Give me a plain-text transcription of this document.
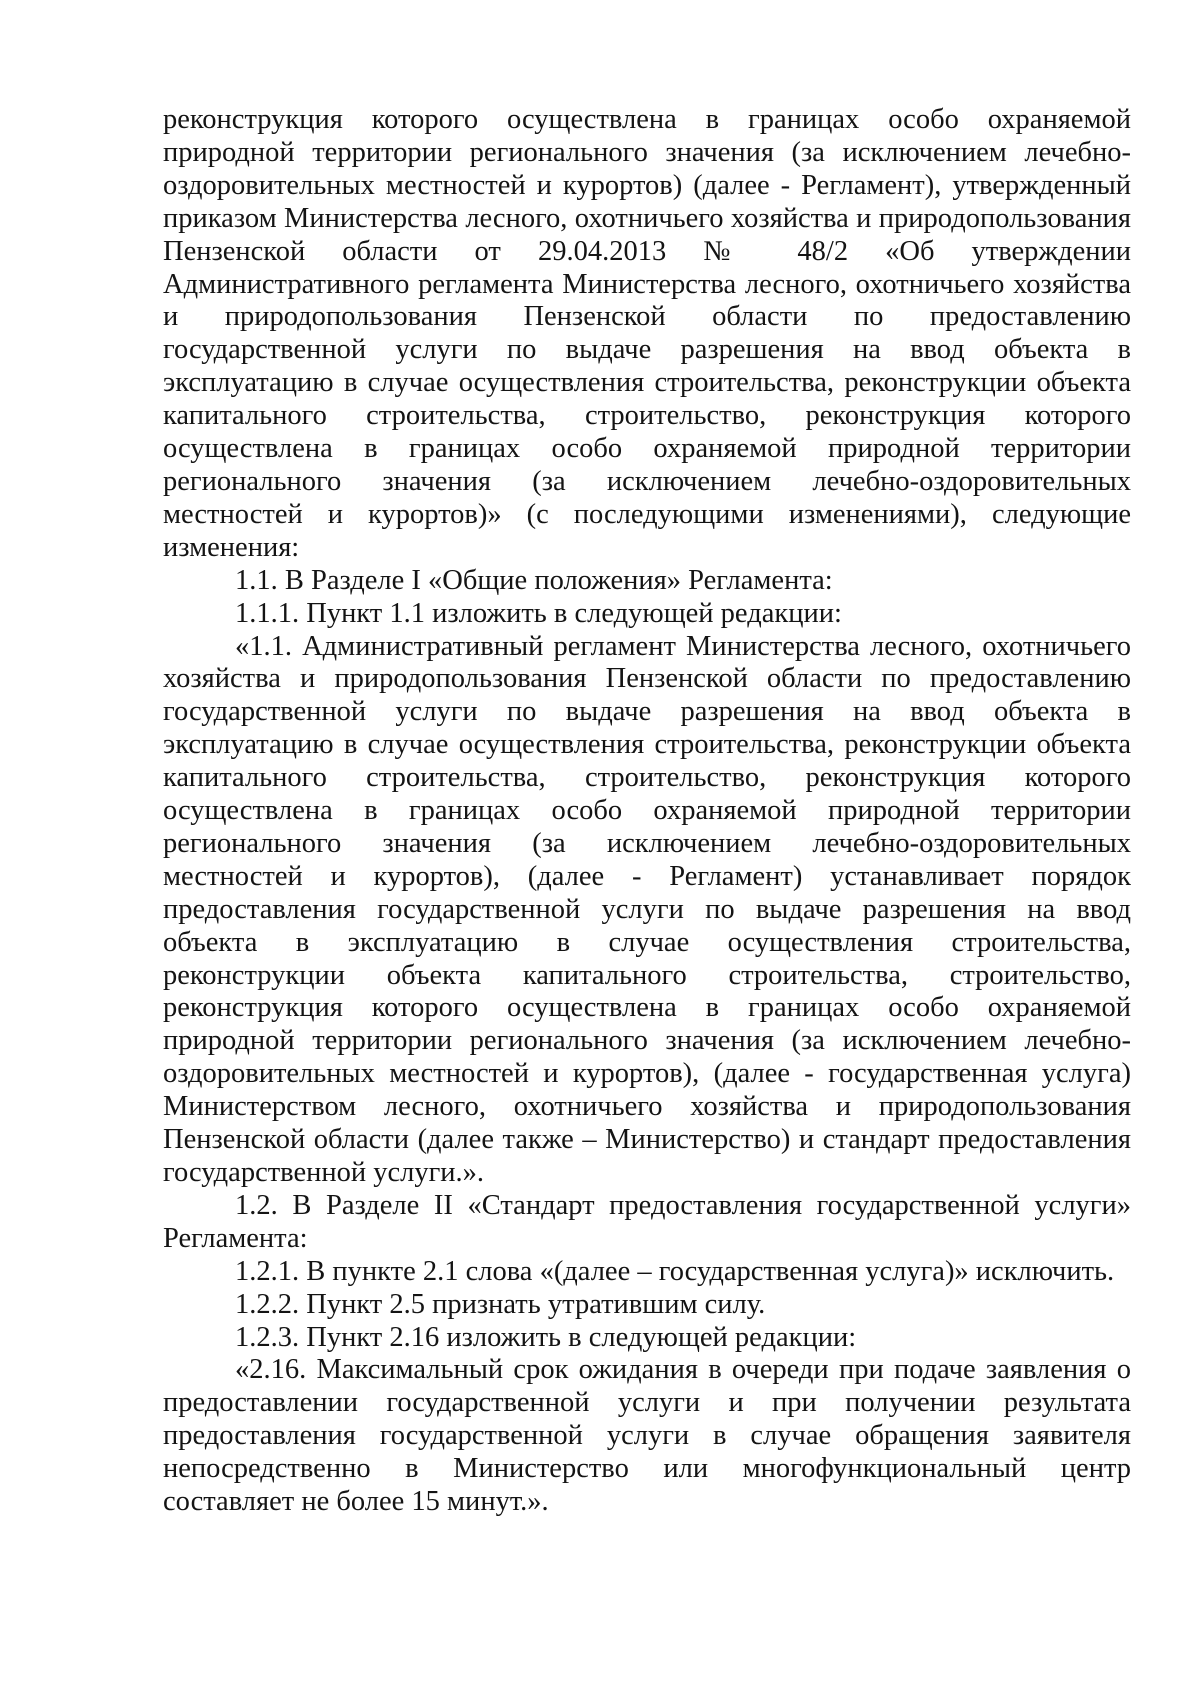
реконструкция которого осуществлена в границах особо охраняемой природной территории регионального значения (за исключением лечебно-оздоровительных местностей и курортов) (далее - Регламент), утвержденный приказом Министерства лесного, охотничьего хозяйства и природопользования Пензенской области от 29.04.2013 № 48/2 «Об утверждении Административного регламента Министерства лесного, охотничьего хозяйства и природопользования Пензенской области по предоставлению государственной услуги по выдаче разрешения на ввод объекта в эксплуатацию в случае осуществления строительства, реконструкции объекта капитального строительства, строительство, реконструкция которого осуществлена в границах особо охраняемой природной территории регионального значения (за исключением лечебно-оздоровительных местностей и курортов)» (с последующими изменениями), следующие изменения:

1.1. В Разделе I «Общие положения» Регламента:

1.1.1. Пункт 1.1 изложить в следующей редакции:

«1.1. Административный регламент Министерства лесного, охотничьего хозяйства и природопользования Пензенской области по предоставлению государственной услуги по выдаче разрешения на ввод объекта в эксплуатацию в случае осуществления строительства, реконструкции объекта капитального строительства, строительство, реконструкция которого осуществлена в границах особо охраняемой природной территории регионального значения (за исключением лечебно-оздоровительных местностей и курортов), (далее - Регламент) устанавливает порядок предоставления государственной услуги по выдаче разрешения на ввод объекта в эксплуатацию в случае осуществления строительства, реконструкции объекта капитального строительства, строительство, реконструкция которого осуществлена в границах особо охраняемой природной территории регионального значения (за исключением лечебно-оздоровительных местностей и курортов), (далее - государственная услуга) Министерством лесного, охотничьего хозяйства и природопользования Пензенской области (далее также – Министерство) и стандарт предоставления государственной услуги.».

1.2. В Разделе II «Стандарт предоставления государственной услуги» Регламента:

1.2.1. В пункте 2.1 слова «(далее – государственная услуга)» исключить.

1.2.2. Пункт 2.5 признать утратившим силу.

1.2.3. Пункт 2.16 изложить в следующей редакции:

«2.16. Максимальный срок ожидания в очереди при подаче заявления о предоставлении государственной услуги и при получении результата предоставления государственной услуги в случае обращения заявителя непосредственно в Министерство или многофункциональный центр составляет не более 15 минут.».
